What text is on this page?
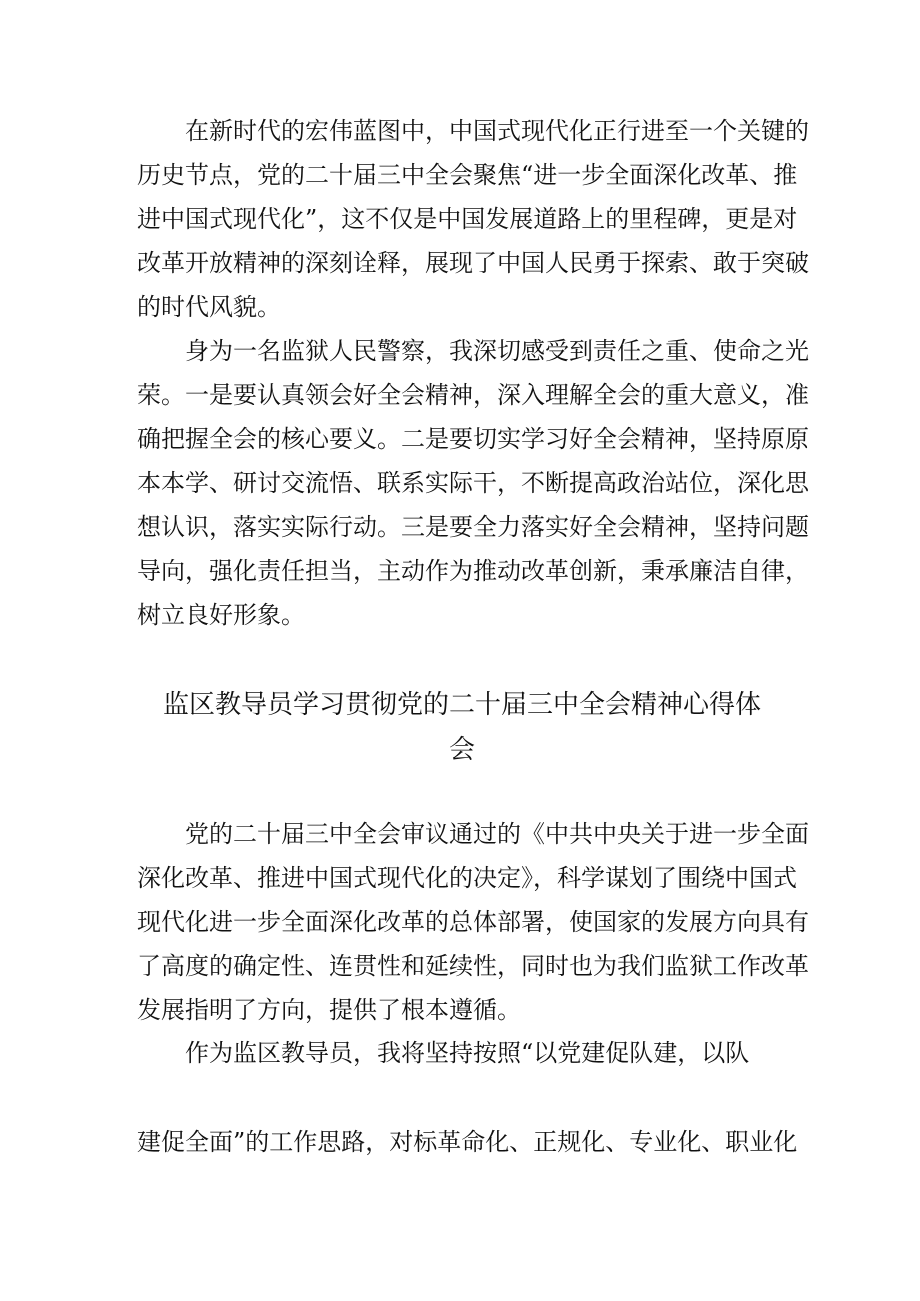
　　在新时代的宏伟蓝图中，中国式现代化正行进至一个关键的
历史节点，党的二十届三中全会聚焦“进一步全面深化改革、推
进中国式现代化”，这不仅是中国发展道路上的里程碑，更是对
改革开放精神的深刻诠释，展现了中国人民勇于探索、敢于突破
的时代风貌。
　　身为一名监狱人民警察，我深切感受到责任之重、使命之光
荣。一是要认真领会好全会精神，深入理解全会的重大意义，准
确把握全会的核心要义。二是要切实学习好全会精神，坚持原原
本本学、研讨交流悟、联系实际干，不断提高政治站位，深化思
想认识，落实实际行动。三是要全力落实好全会精神，坚持问题
导向，强化责任担当，主动作为推动改革创新，秉承廉洁自律，
树立良好形象。
监区教导员学习贯彻党的二十届三中全会精神心得体
会
　　党的二十届三中全会审议通过的《中共中央关于进一步全面
深化改革、推进中国式现代化的决定》，科学谋划了围绕中国式
现代化进一步全面深化改革的总体部署，使国家的发展方向具有
了高度的确定性、连贯性和延续性，同时也为我们监狱工作改革
发展指明了方向，提供了根本遵循。
　　作为监区教导员，我将坚持按照“以党建促队建，以队
建促全面”的工作思路，对标革命化、正规化、专业化、职业化
